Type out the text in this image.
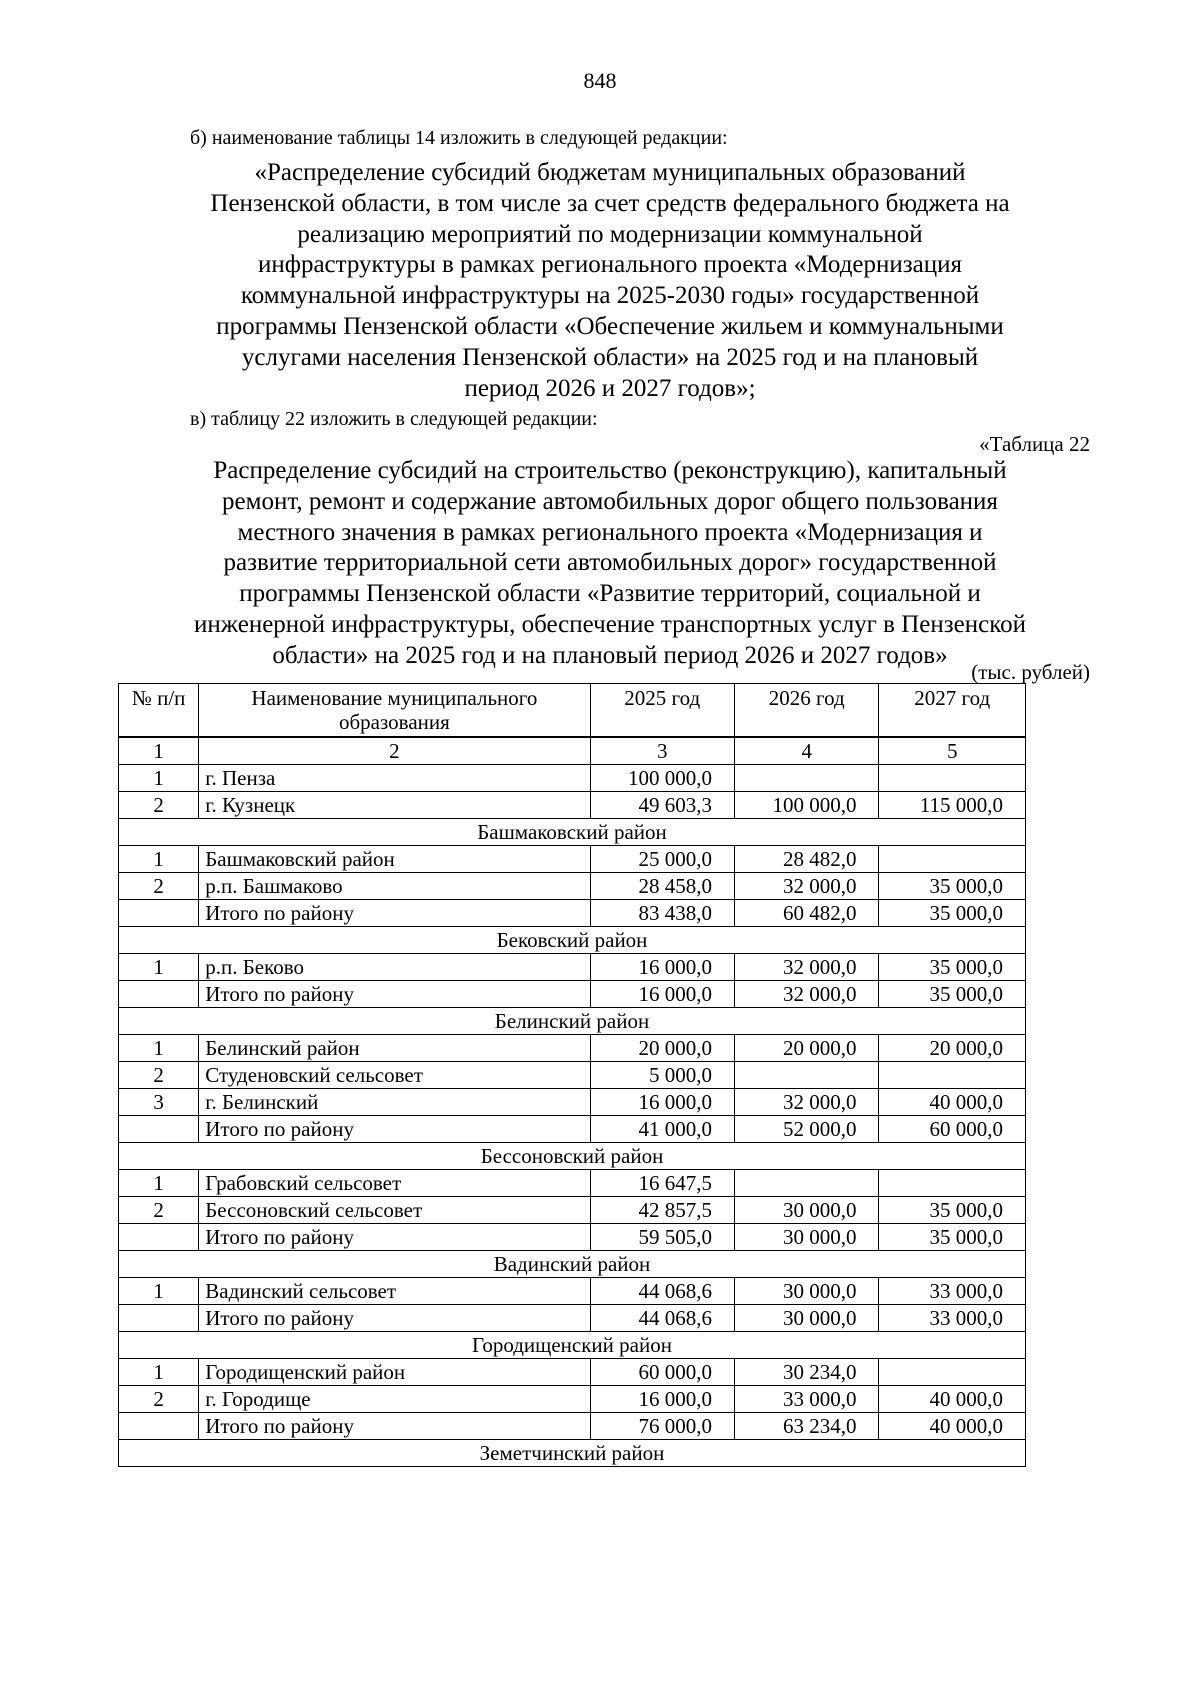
848
б) наименование таблицы 14 изложить в следующей редакции:
«Распределение субсидий бюджетам муниципальных образований
Пензенской области, в том числе за счет средств федерального бюджета на
реализацию мероприятий по модернизации коммунальной
инфраструктуры в рамках регионального проекта «Модернизация
коммунальной инфраструктуры на 2025-2030 годы» государственной
программы Пензенской области «Обеспечение жильем и коммунальными
услугами населения Пензенской области» на 2025 год и на плановый
период 2026 и 2027 годов»;
в) таблицу 22 изложить в следующей редакции:
«Таблица 22
Распределение субсидий на строительство (реконструкцию), капитальный
ремонт, ремонт и содержание автомобильных дорог общего пользования
местного значения в рамках регионального проекта «Модернизация и
развитие территориальной сети автомобильных дорог» государственной
программы Пензенской области «Развитие территорий, социальной и
инженерной инфраструктуры, обеспечение транспортных услуг в Пензенской
области» на 2025 год и на плановый период 2026 и 2027 годов»
(тыс. рублей)
№ п/п	Наименование муниципального образования	2025 год	2026 год	2027 год
1	2	3	4	5
1	г. Пенза	100 000,0		
2	г. Кузнецк	49 603,3	100 000,0	115 000,0
Башмаковский район				
1	Башмаковский район	25 000,0	28 482,0	
2	р.п. Башмаково	28 458,0	32 000,0	35 000,0
	Итого по району	83 438,0	60 482,0	35 000,0
Бековский район				
1	р.п. Беково	16 000,0	32 000,0	35 000,0
	Итого по району	16 000,0	32 000,0	35 000,0
Белинский район				
1	Белинский район	20 000,0	20 000,0	20 000,0
2	Студеновский сельсовет	5 000,0		
3	г. Белинский	16 000,0	32 000,0	40 000,0
	Итого по району	41 000,0	52 000,0	60 000,0
Бессоновский район				
1	Грабовский сельсовет	16 647,5		
2	Бессоновский сельсовет	42 857,5	30 000,0	35 000,0
	Итого по району	59 505,0	30 000,0	35 000,0
Вадинский район				
1	Вадинский сельсовет	44 068,6	30 000,0	33 000,0
	Итого по району	44 068,6	30 000,0	33 000,0
Городищенский район				
1	Городищенский район	60 000,0	30 234,0	
2	г. Городище	16 000,0	33 000,0	40 000,0
	Итого по району	76 000,0	63 234,0	40 000,0
Земетчинский район				
